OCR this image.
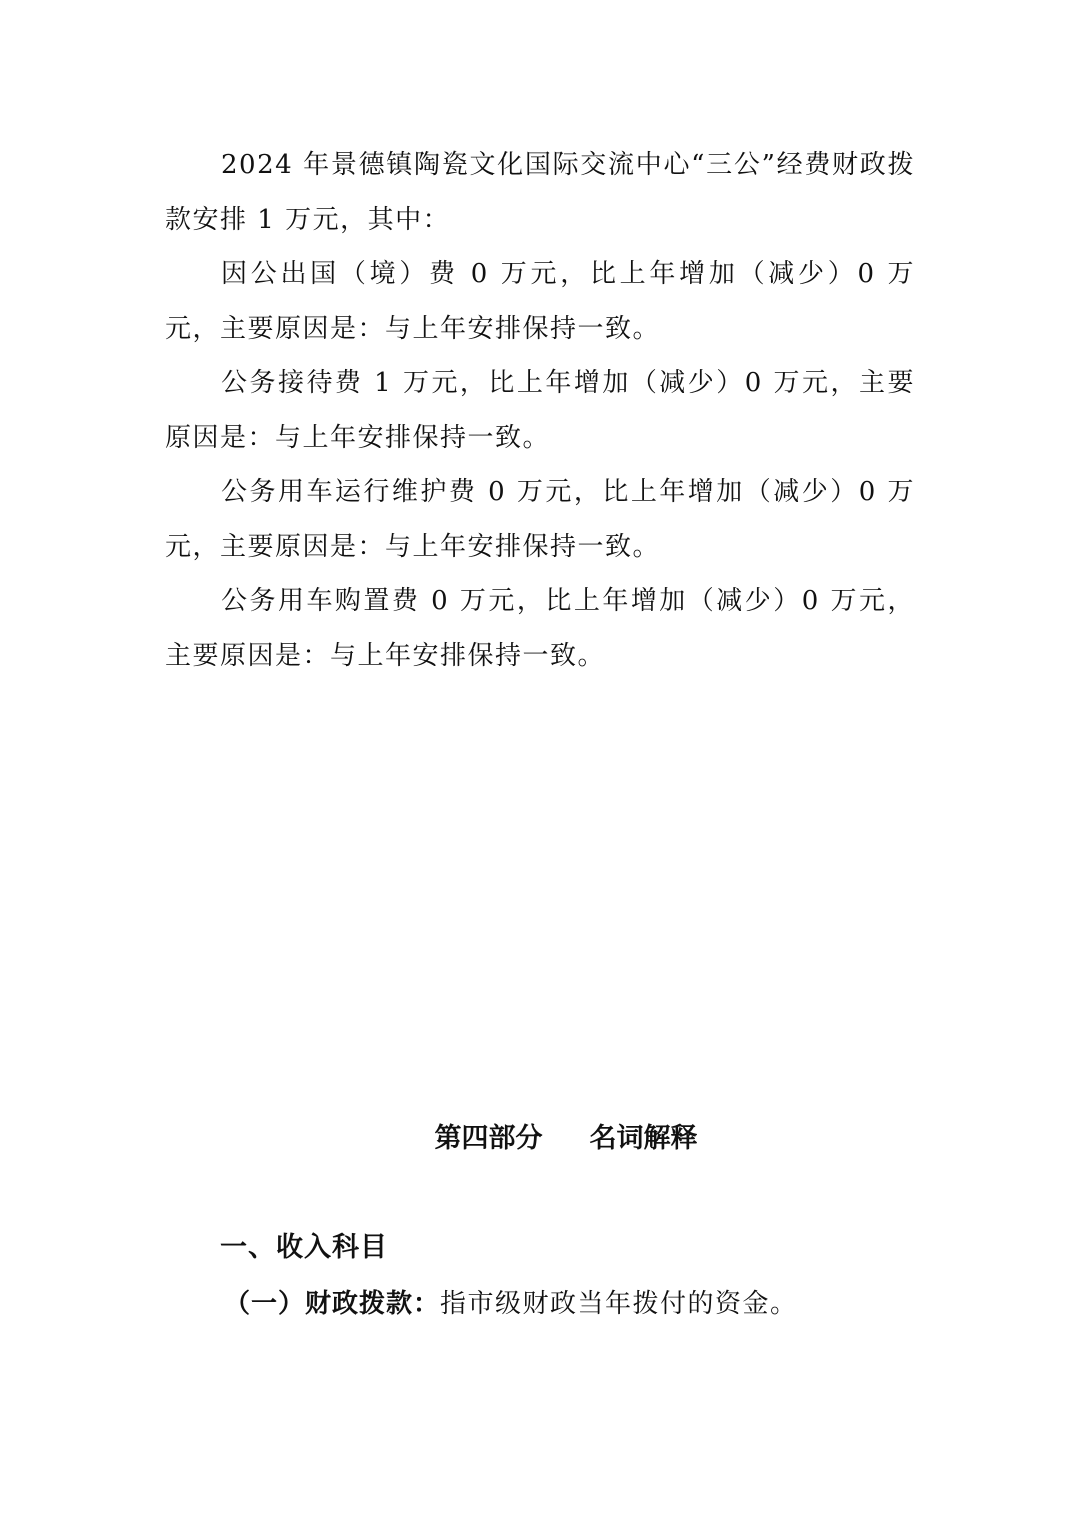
2024 年景德镇陶瓷文化国际交流中心“三公”经费财政拨款安排 1 万元，其中：

因公出国（境）费 0 万元，比上年增加（减少）0 万元，主要原因是：与上年安排保持一致。

公务接待费 1 万元，比上年增加（减少）0 万元，主要原因是：与上年安排保持一致。

公务用车运行维护费 0 万元，比上年增加（减少）0 万元，主要原因是：与上年安排保持一致。

公务用车购置费 0 万元，比上年增加（减少）0 万元，主要原因是：与上年安排保持一致。

第四部分     名词解释
一、收入科目
（一）财政拨款：指市级财政当年拨付的资金。
